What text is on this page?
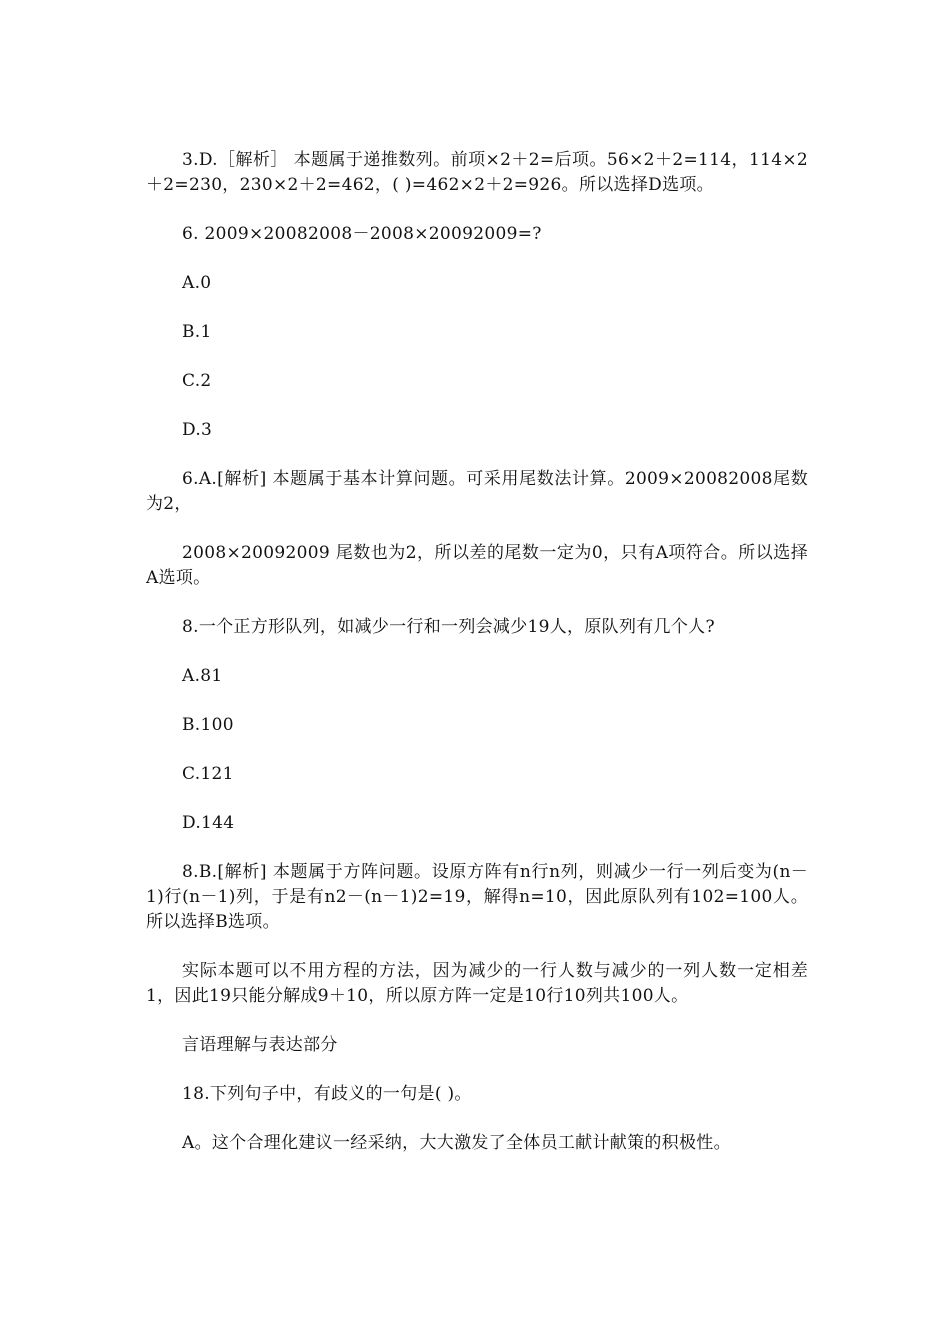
3.D.［解析］ 本题属于递推数列。前项×2＋2=后项。56×2＋2=114，114×2＋2=230，230×2＋2=462，( )=462×2＋2=926。所以选择D选项。

6. 2009×20082008－2008×20092009=?

A.0

B.1

C.2

D.3

6.A.[解析] 本题属于基本计算问题。可采用尾数法计算。2009×20082008尾数为2，

2008×20092009 尾数也为2，所以差的尾数一定为0，只有A项符合。所以选择A选项。

8.一个正方形队列，如减少一行和一列会减少19人，原队列有几个人?

A.81

B.100

C.121

D.144

8.B.[解析] 本题属于方阵问题。设原方阵有n行n列，则减少一行一列后变为(n－1)行(n－1)列，于是有n2－(n－1)2=19，解得n=10，因此原队列有102=100人。所以选择B选项。

实际本题可以不用方程的方法，因为减少的一行人数与减少的一列人数一定相差1，因此19只能分解成9＋10，所以原方阵一定是10行10列共100人。

言语理解与表达部分

18.下列句子中，有歧义的一句是( )。

A。这个合理化建议一经采纳，大大激发了全体员工献计献策的积极性。
